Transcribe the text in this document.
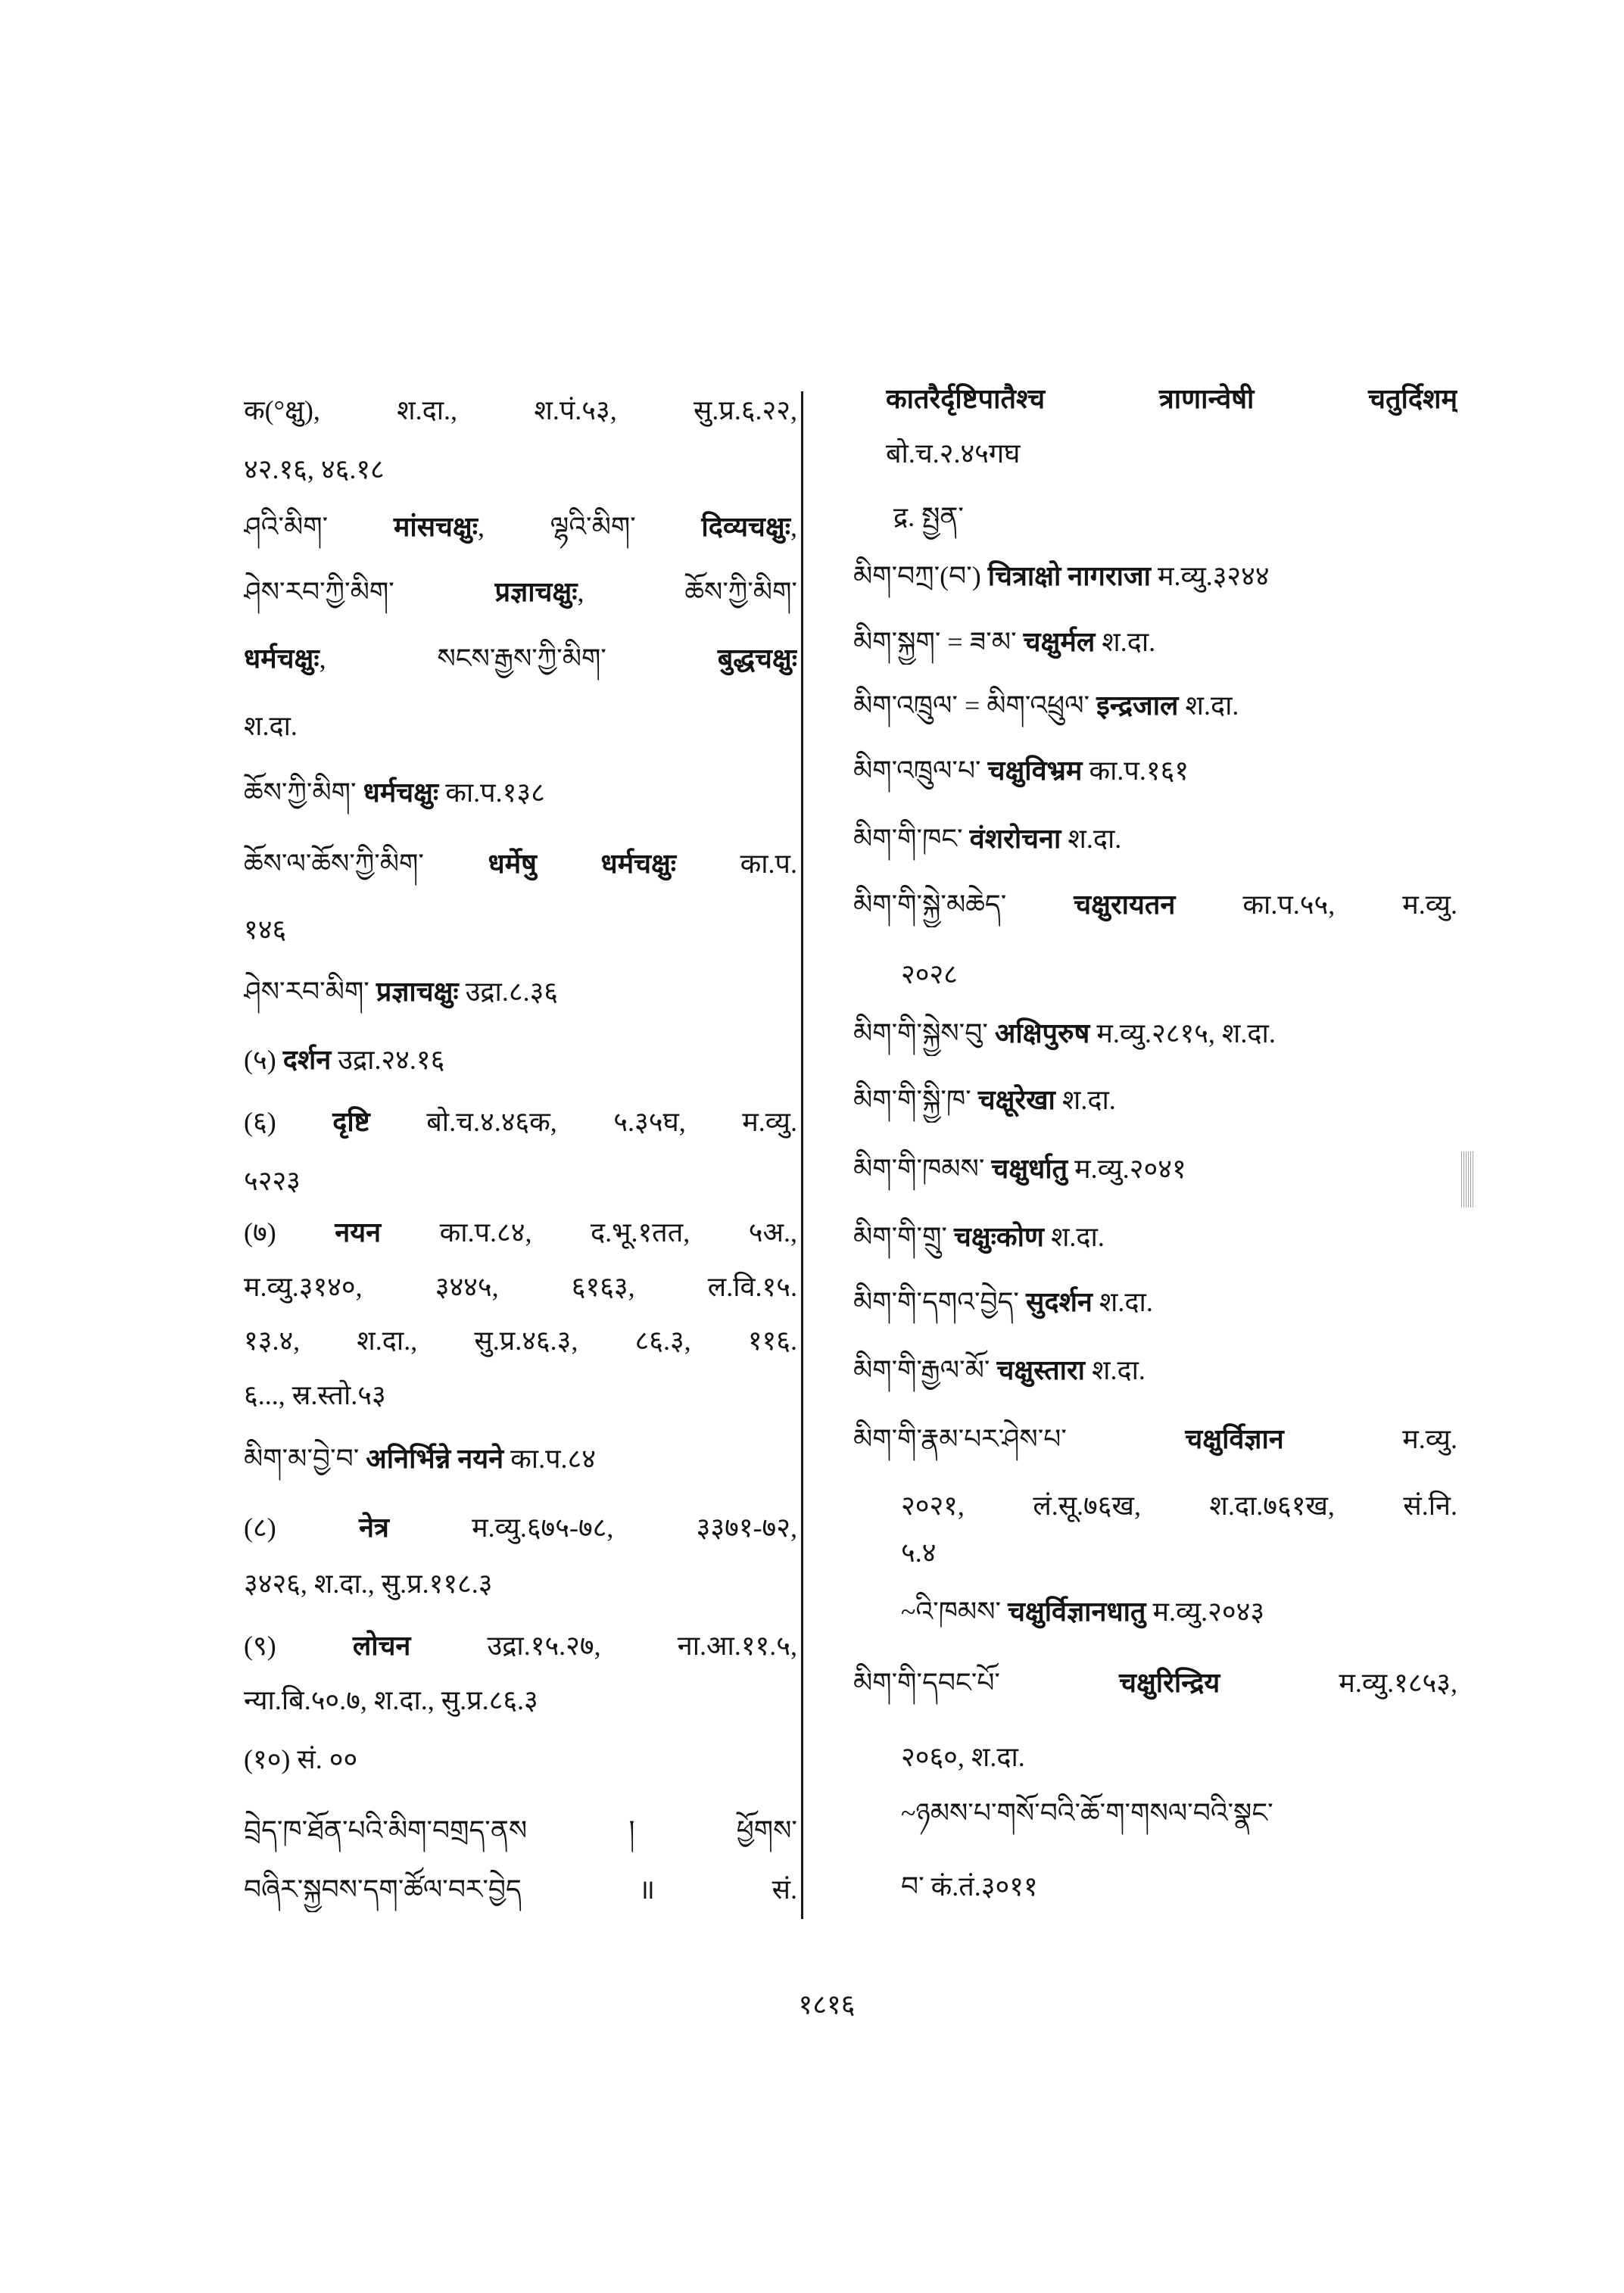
क(°क्षु), श.दा., श.पं.५३, सु.प्र.६.२२,
४२.१६, ४६.१८
ཤའི་མིག་ मांसचक्षुः, ལྷའི་མིག་ दिव्यचक्षुः,
ཤེས་རབ་ཀྱི་མིག་ प्रज्ञाचक्षुः, ཆོས་ཀྱི་མིག་
धर्मचक्षुः, སངས་རྒྱས་ཀྱི་མིག་ बुद्धचक्षुः
श.दा.
ཆོས་ཀྱི་མིག་ धर्मचक्षुः का.प.१३८
ཆོས་ལ་ཆོས་ཀྱི་མིག་ धर्मेषु धर्मचक्षुः का.प.
१४६
ཤེས་རབ་མིག་ प्रज्ञाचक्षुः उद्रा.८.३६
(५) दर्शन उद्रा.२४.१६
(६) दृष्टि बो.च.४.४६क, ५.३५घ, म.व्यु.
५२२३
(७) नयन का.प.८४, द.भू.१तत, ५अ.,
म.व्यु.३१४०, ३४४५, ६१६३, ल.वि.१५.
१३.४, श.दा., सु.प्र.४६.३, ८६.३, ११६.
६..., स्र.स्तो.५३
མིག་མ་བྱེ་བ་ अनिर्भिन्ने नयने का.प.८४
(८) नेत्र म.व्यु.६७५-७८, ३३७१-७२,
३४२६, श.दा., सु.प्र.११८.३
(९) लोचन उद्रा.१५.२७, ना.आ.११.५,
न्या.बि.५०.७, श.दा., सु.प्र.८६.३
(१०) सं. ००
བྲེད་ཁ་ཐོན་པའི་མིག་བགྲད་ནས ། ཕྱོགས་
བཞིར་སྐྱབས་དག་ཚོལ་བར་བྱེད ॥ सं.
कातरैर्दृष्टिपातैश्च त्राणान्वेषी चतुर्दिशम्
बो.च.२.४५गघ
द्र. སྤྱན་
མིག་བཀྲ་(བ་) चित्राक्षो नागराजा म.व्यु.३२४४
མིག་སྐྱག་ = ཟ་མ་ चक्षुर्मल श.दा.
མིག་འཁྲུལ་ = མིག་འཕྲུལ་ इन्द्रजाल श.दा.
མིག་འཁྲུལ་པ་ चक्षुविभ्रम का.प.१६१
མིག་གི་ཁང་ वंशरोचना श.दा.
མིག་གི་སྐྱེ་མཆེད་ चक्षुरायतन का.प.५५, म.व्यु.
२०२८
མིག་གི་སྐྱེས་བུ་ अक्षिपुरुष म.व्यु.२८१५, श.दा.
མིག་གི་སྐྱི་ཁ་ चक्षूरेखा श.दा.
མིག་གི་ཁམས་ चक्षुर्धातु म.व्यु.२०४१
མིག་གི་གྲུ་ चक्षुःकोण श.दा.
མིག་གི་དགའ་བྱེད་ सुदर्शन श.दा.
མིག་གི་རྒྱལ་མོ་ चक्षुस्तारा श.दा.
མིག་གི་རྣམ་པར་ཤེས་པ་ चक्षुर्विज्ञान म.व्यु.
२०२१, लं.सू.७६ख, श.दा.७६१ख, सं.नि.
५.४
~འི་ཁམས་ चक्षुर्विज्ञानधातु म.व्यु.२०४३
མིག་གི་དབང་པོ་ चक्षुरिन्द्रिय म.व्यु.१८५३,
२०६०, श.दा.
~ཉམས་པ་གསོ་བའི་ཆོ་ག་གསལ་བའི་སྣང་
བ་ कं.तं.३०११
१८१६
